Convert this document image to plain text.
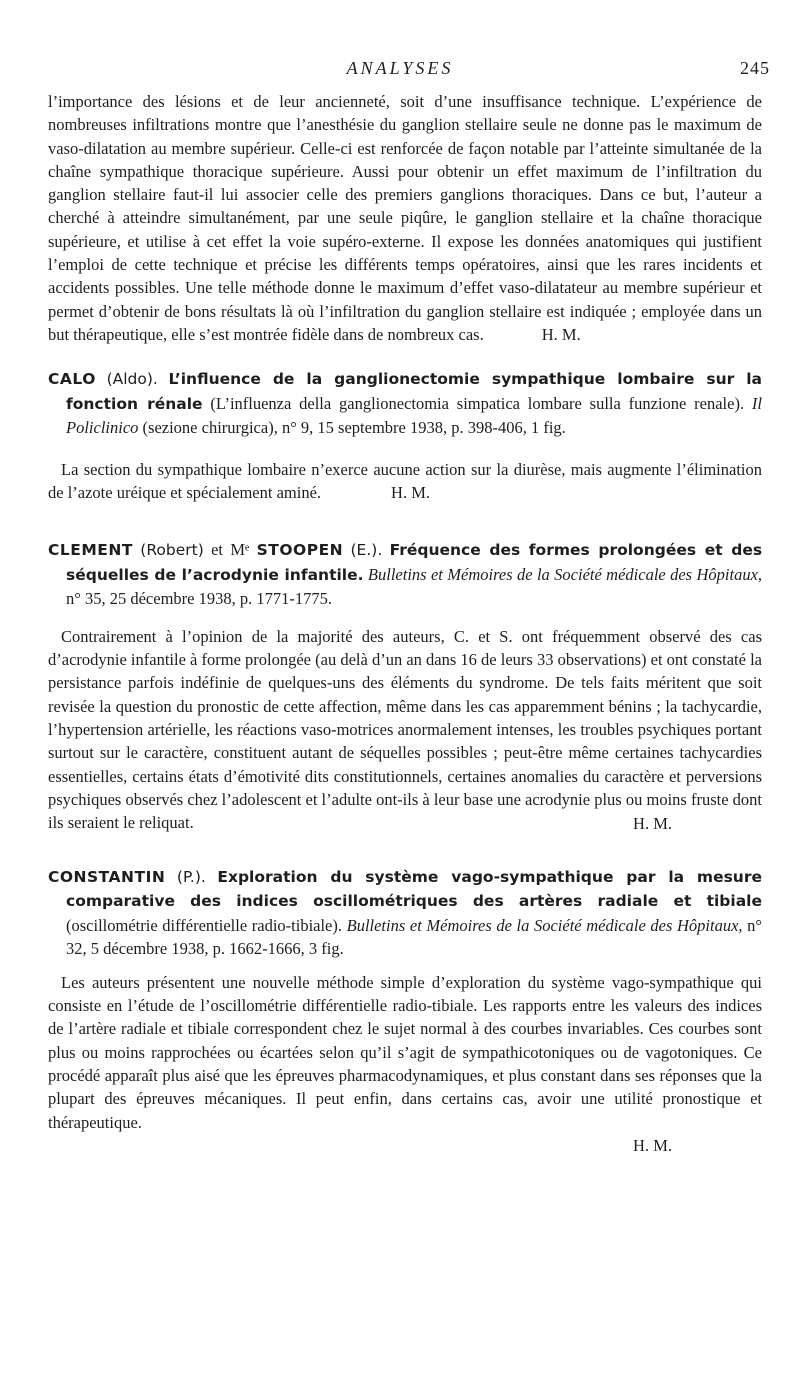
ANALYSES	245

l’importance des lésions et de leur ancienneté, soit d’une insuffisance technique. L’expérience de nombreuses infiltrations montre que l’anesthésie du ganglion stellaire seule ne donne pas le maximum de vaso-dilatation au membre supérieur. Celle-ci est renforcée de façon notable par l’atteinte simultanée de la chaîne sympathique thoracique supérieure. Aussi pour obtenir un effet maximum de l’infiltration du ganglion stellaire faut-il lui associer celle des premiers ganglions thoraciques. Dans ce but, l’auteur a cherché à atteindre simultanément, par une seule piqûre, le ganglion stellaire et la chaîne thoracique supérieure, et utilise à cet effet la voie supéro-externe. Il expose les données anatomiques qui justifient l’emploi de cette technique et précise les différents temps opératoires, ainsi que les rares incidents et accidents possibles. Une telle méthode donne le maximum d’effet vaso-dilatateur au membre supérieur et permet d’obtenir de bons résultats là où l’infiltration du ganglion stellaire est indiquée ; employée dans un but thérapeutique, elle s’est montrée fidèle dans de nombreux cas.	H. M.

CALO (Aldo). L’influence de la ganglionectomie sympathique lombaire sur la fonction rénale (L’influenza della ganglionectomia simpatica lombare sulla funzione renale). Il Policlinico (sezione chirurgica), n° 9, 15 septembre 1938, p. 398-406, 1 fig.

La section du sympathique lombaire n’exerce aucune action sur la diurèse, mais augmente l’élimination de l’azote uréique et spécialement aminé.	H. M.

CLEMENT (Robert) et Mᵉ STOOPEN (E.). Fréquence des formes prolongées et des séquelles de l’acrodynie infantile. Bulletins et Mémoires de la Société médicale des Hôpitaux, n° 35, 25 décembre 1938, p. 1771-1775.

Contrairement à l’opinion de la majorité des auteurs, C. et S. ont fréquemment observé des cas d’acrodynie infantile à forme prolongée (au delà d’un an dans 16 de leurs 33 observations) et ont constaté la persistance parfois indéfinie de quelques-uns des éléments du syndrome. De tels faits méritent que soit revisée la question du pronostic de cette affection, même dans les cas apparemment bénins ; la tachycardie, l’hypertension artérielle, les réactions vaso-motrices anormalement intenses, les troubles psychiques portant surtout sur le caractère, constituent autant de séquelles possibles ; peut-être même certaines tachycardies essentielles, certains états d’émotivité dits constitutionnels, certaines anomalies du caractère et perversions psychiques observés chez l’adolescent et l’adulte ont-ils à leur base une acrodynie plus ou moins fruste dont ils seraient le reliquat.	H. M.

CONSTANTIN (P.). Exploration du système vago-sympathique par la mesure comparative des indices oscillométriques des artères radiale et tibiale (oscillométrie différentielle radio-tibiale). Bulletins et Mémoires de la Société médicale des Hôpitaux, n° 32, 5 décembre 1938, p. 1662-1666, 3 fig.

Les auteurs présentent une nouvelle méthode simple d’exploration du système vago-sympathique qui consiste en l’étude de l’oscillométrie différentielle radio-tibiale. Les rapports entre les valeurs des indices de l’artère radiale et tibiale correspondent chez le sujet normal à des courbes invariables. Ces courbes sont plus ou moins rapprochées ou écartées selon qu’il s’agit de sympathicotoniques ou de vagotoniques. Ce procédé apparaît plus aisé que les épreuves pharmacodynamiques, et plus constant dans ses réponses que la plupart des épreuves mécaniques. Il peut enfin, dans certains cas, avoir une utilité pronostique et thérapeutique.

H. M.
